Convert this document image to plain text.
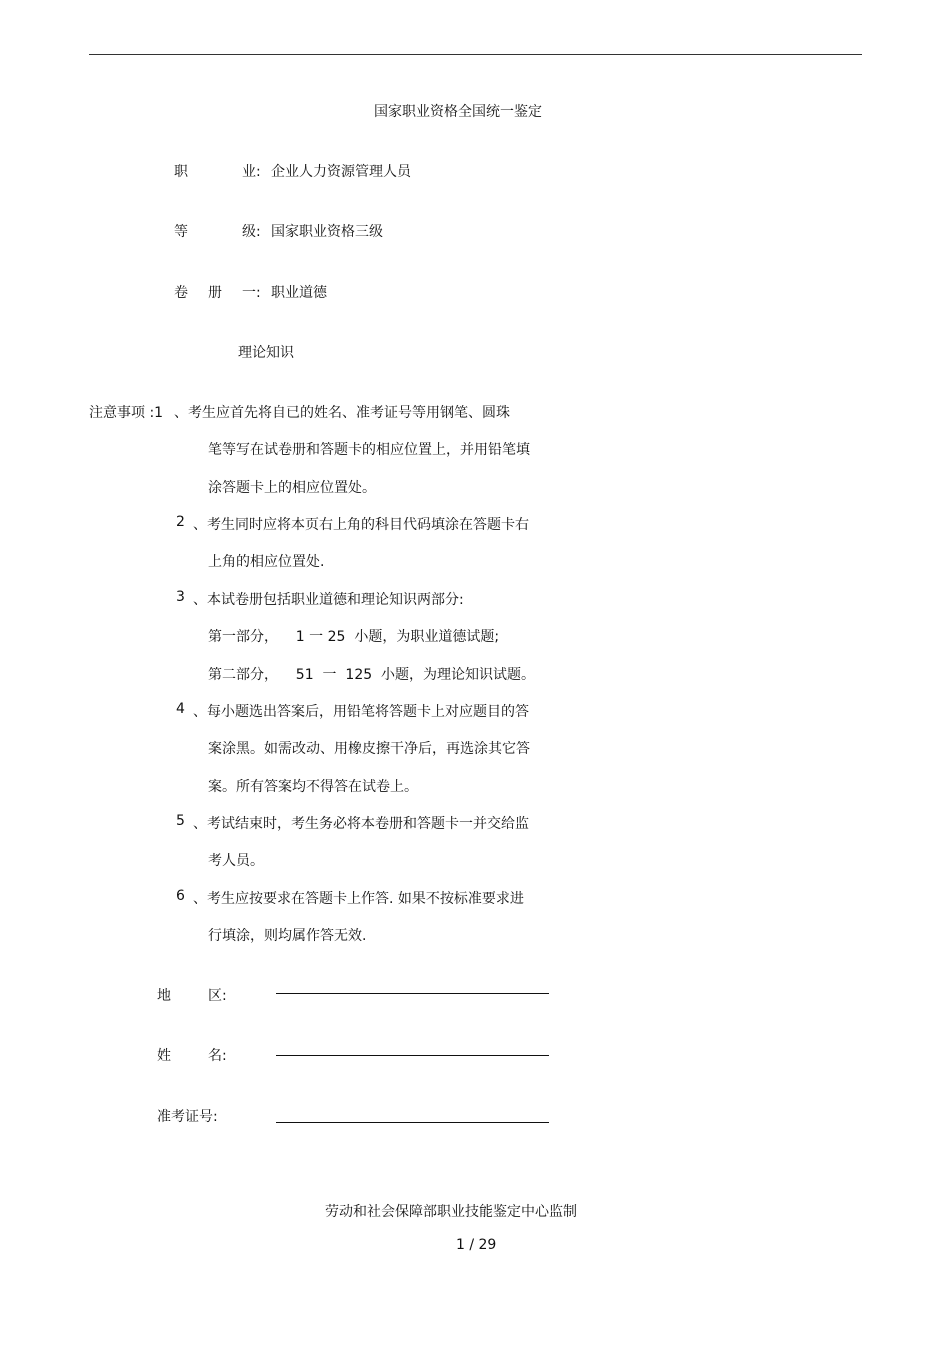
国家职业资格全国统一鉴定
职	业: 企业人力资源管理人员
等	级: 国家职业资格三级
卷 册 一: 职业道德
理论知识
注意事项 :1 、考生应首先将自已的姓名、准考证号等用钢笔、圆珠
笔等写在试卷册和答题卡的相应位置上，并用铅笔填
涂答题卡上的相应位置处。
2 、考生同时应将本页右上角的科目代码填涂在答题卡右
上角的相应位置处.
3 、本试卷册包括职业道德和理论知识两部分:
第一部分，    1 一 25  小题，为职业道德试题;
第二部分，    51  一  125  小题，为理论知识试题。
4 、每小题选出答案后，用铅笔将答题卡上对应题目的答
案涂黑。如需改动、用橡皮擦干净后，再选涂其它答
案。所有答案均不得答在试卷上。
5 、考试结束时，考生务必将本卷册和答题卡一并交给监
考人员。
6 、考生应按要求在答题卡上作答. 如果不按标准要求进
行填涂，则均属作答无效.
地	区:
姓	名:
准考证号:
劳动和社会保障部职业技能鉴定中心监制
1 / 29
